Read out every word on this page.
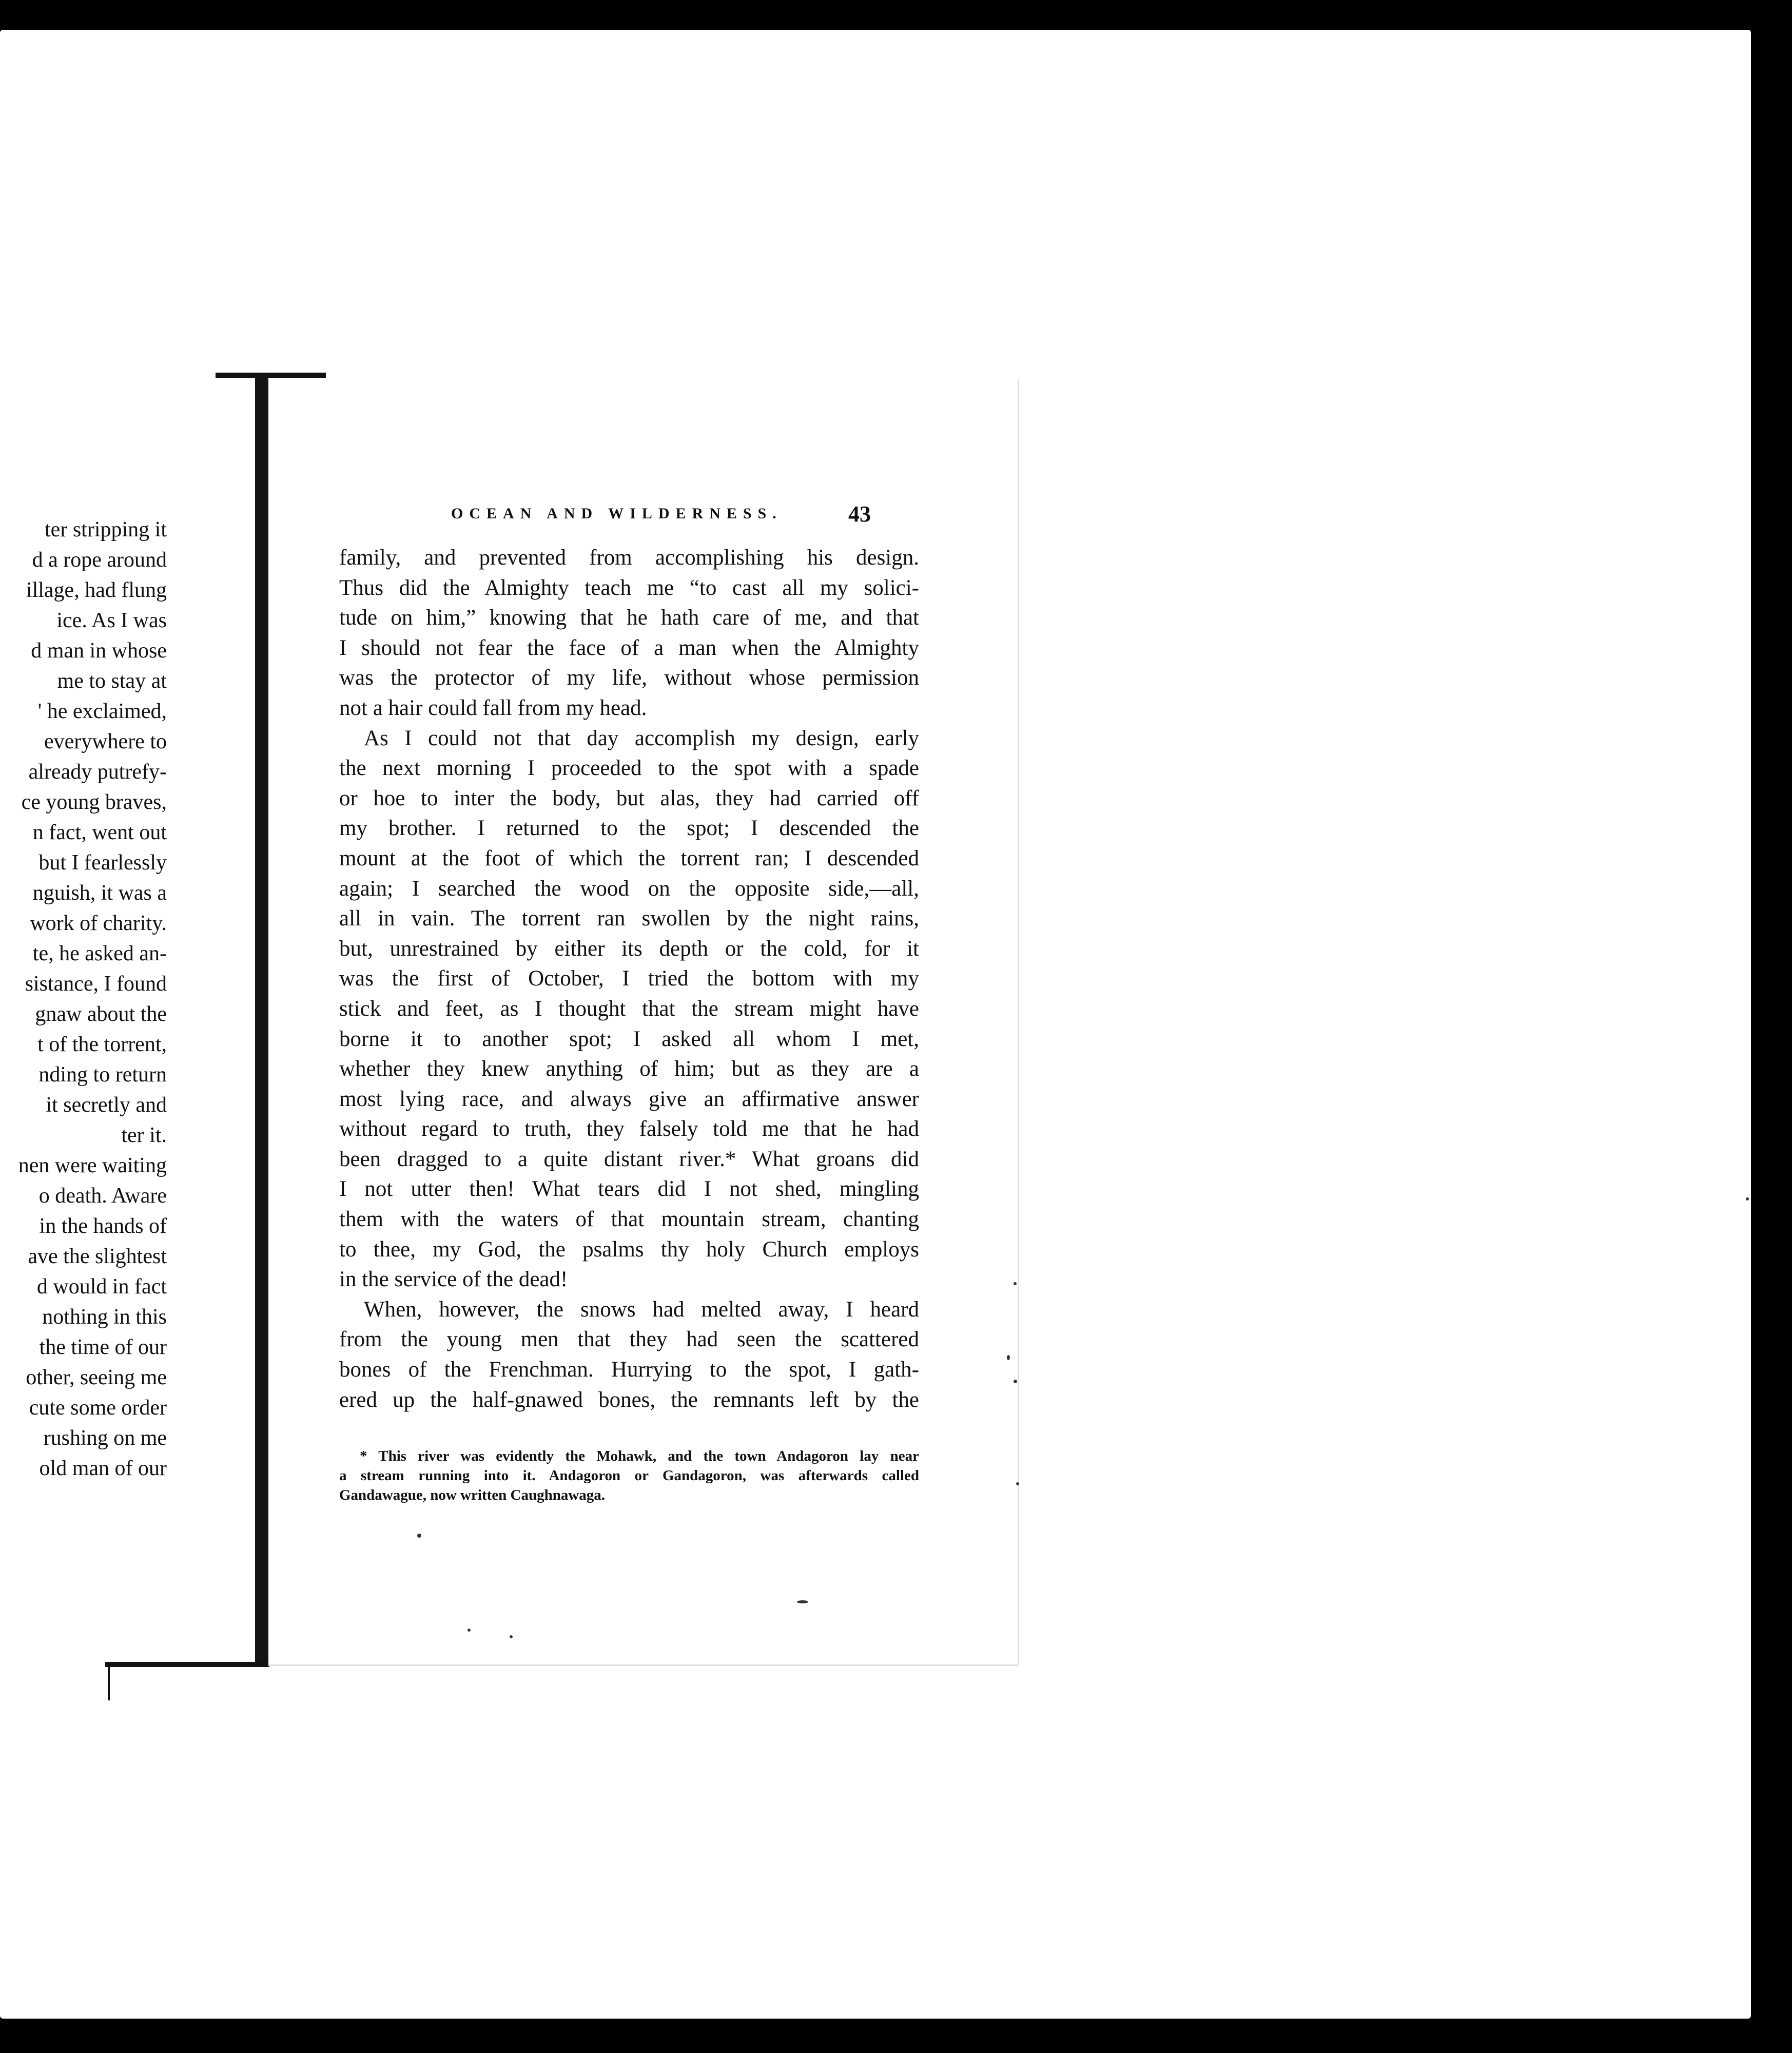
ter stripping it
d a rope around
illage, had flung
ice. As I was
d man in whose
me to stay at
' he exclaimed,
everywhere to
already putrefy-
ce young braves,
n fact, went out
but I fearlessly
nguish, it was a
work of charity.
te, he asked an-
sistance, I found
gnaw about the
t of the torrent,
nding to return
it secretly and
ter it.
nen were waiting
o death. Aware
in the hands of
ave the slightest
d would in fact
nothing in this
the time of our
other, seeing me
cute some order
rushing on me
old man of our
OCEAN AND WILDERNESS.	43
family, and prevented from accomplishing his design.
Thus did the Almighty teach me “to cast all my solici-
tude on him,” knowing that he hath care of me, and that
I should not fear the face of a man when the Almighty
was the protector of my life, without whose permission
not a hair could fall from my head.
As I could not that day accomplish my design, early
the next morning I proceeded to the spot with a spade
or hoe to inter the body, but alas, they had carried off
my brother. I returned to the spot; I descended the
mount at the foot of which the torrent ran; I descended
again; I searched the wood on the opposite side,—all,
all in vain. The torrent ran swollen by the night rains,
but, unrestrained by either its depth or the cold, for it
was the first of October, I tried the bottom with my
stick and feet, as I thought that the stream might have
borne it to another spot; I asked all whom I met,
whether they knew anything of him; but as they are a
most lying race, and always give an affirmative answer
without regard to truth, they falsely told me that he had
been dragged to a quite distant river.* What groans did
I not utter then! What tears did I not shed, mingling
them with the waters of that mountain stream, chanting
to thee, my God, the psalms thy holy Church employs
in the service of the dead!
When, however, the snows had melted away, I heard
from the young men that they had seen the scattered
bones of the Frenchman. Hurrying to the spot, I gath-
ered up the half-gnawed bones, the remnants left by the
* This river was evidently the Mohawk, and the town Andagoron lay near
a stream running into it. Andagoron or Gandagoron, was afterwards called
Gandawague, now written Caughnawaga.
